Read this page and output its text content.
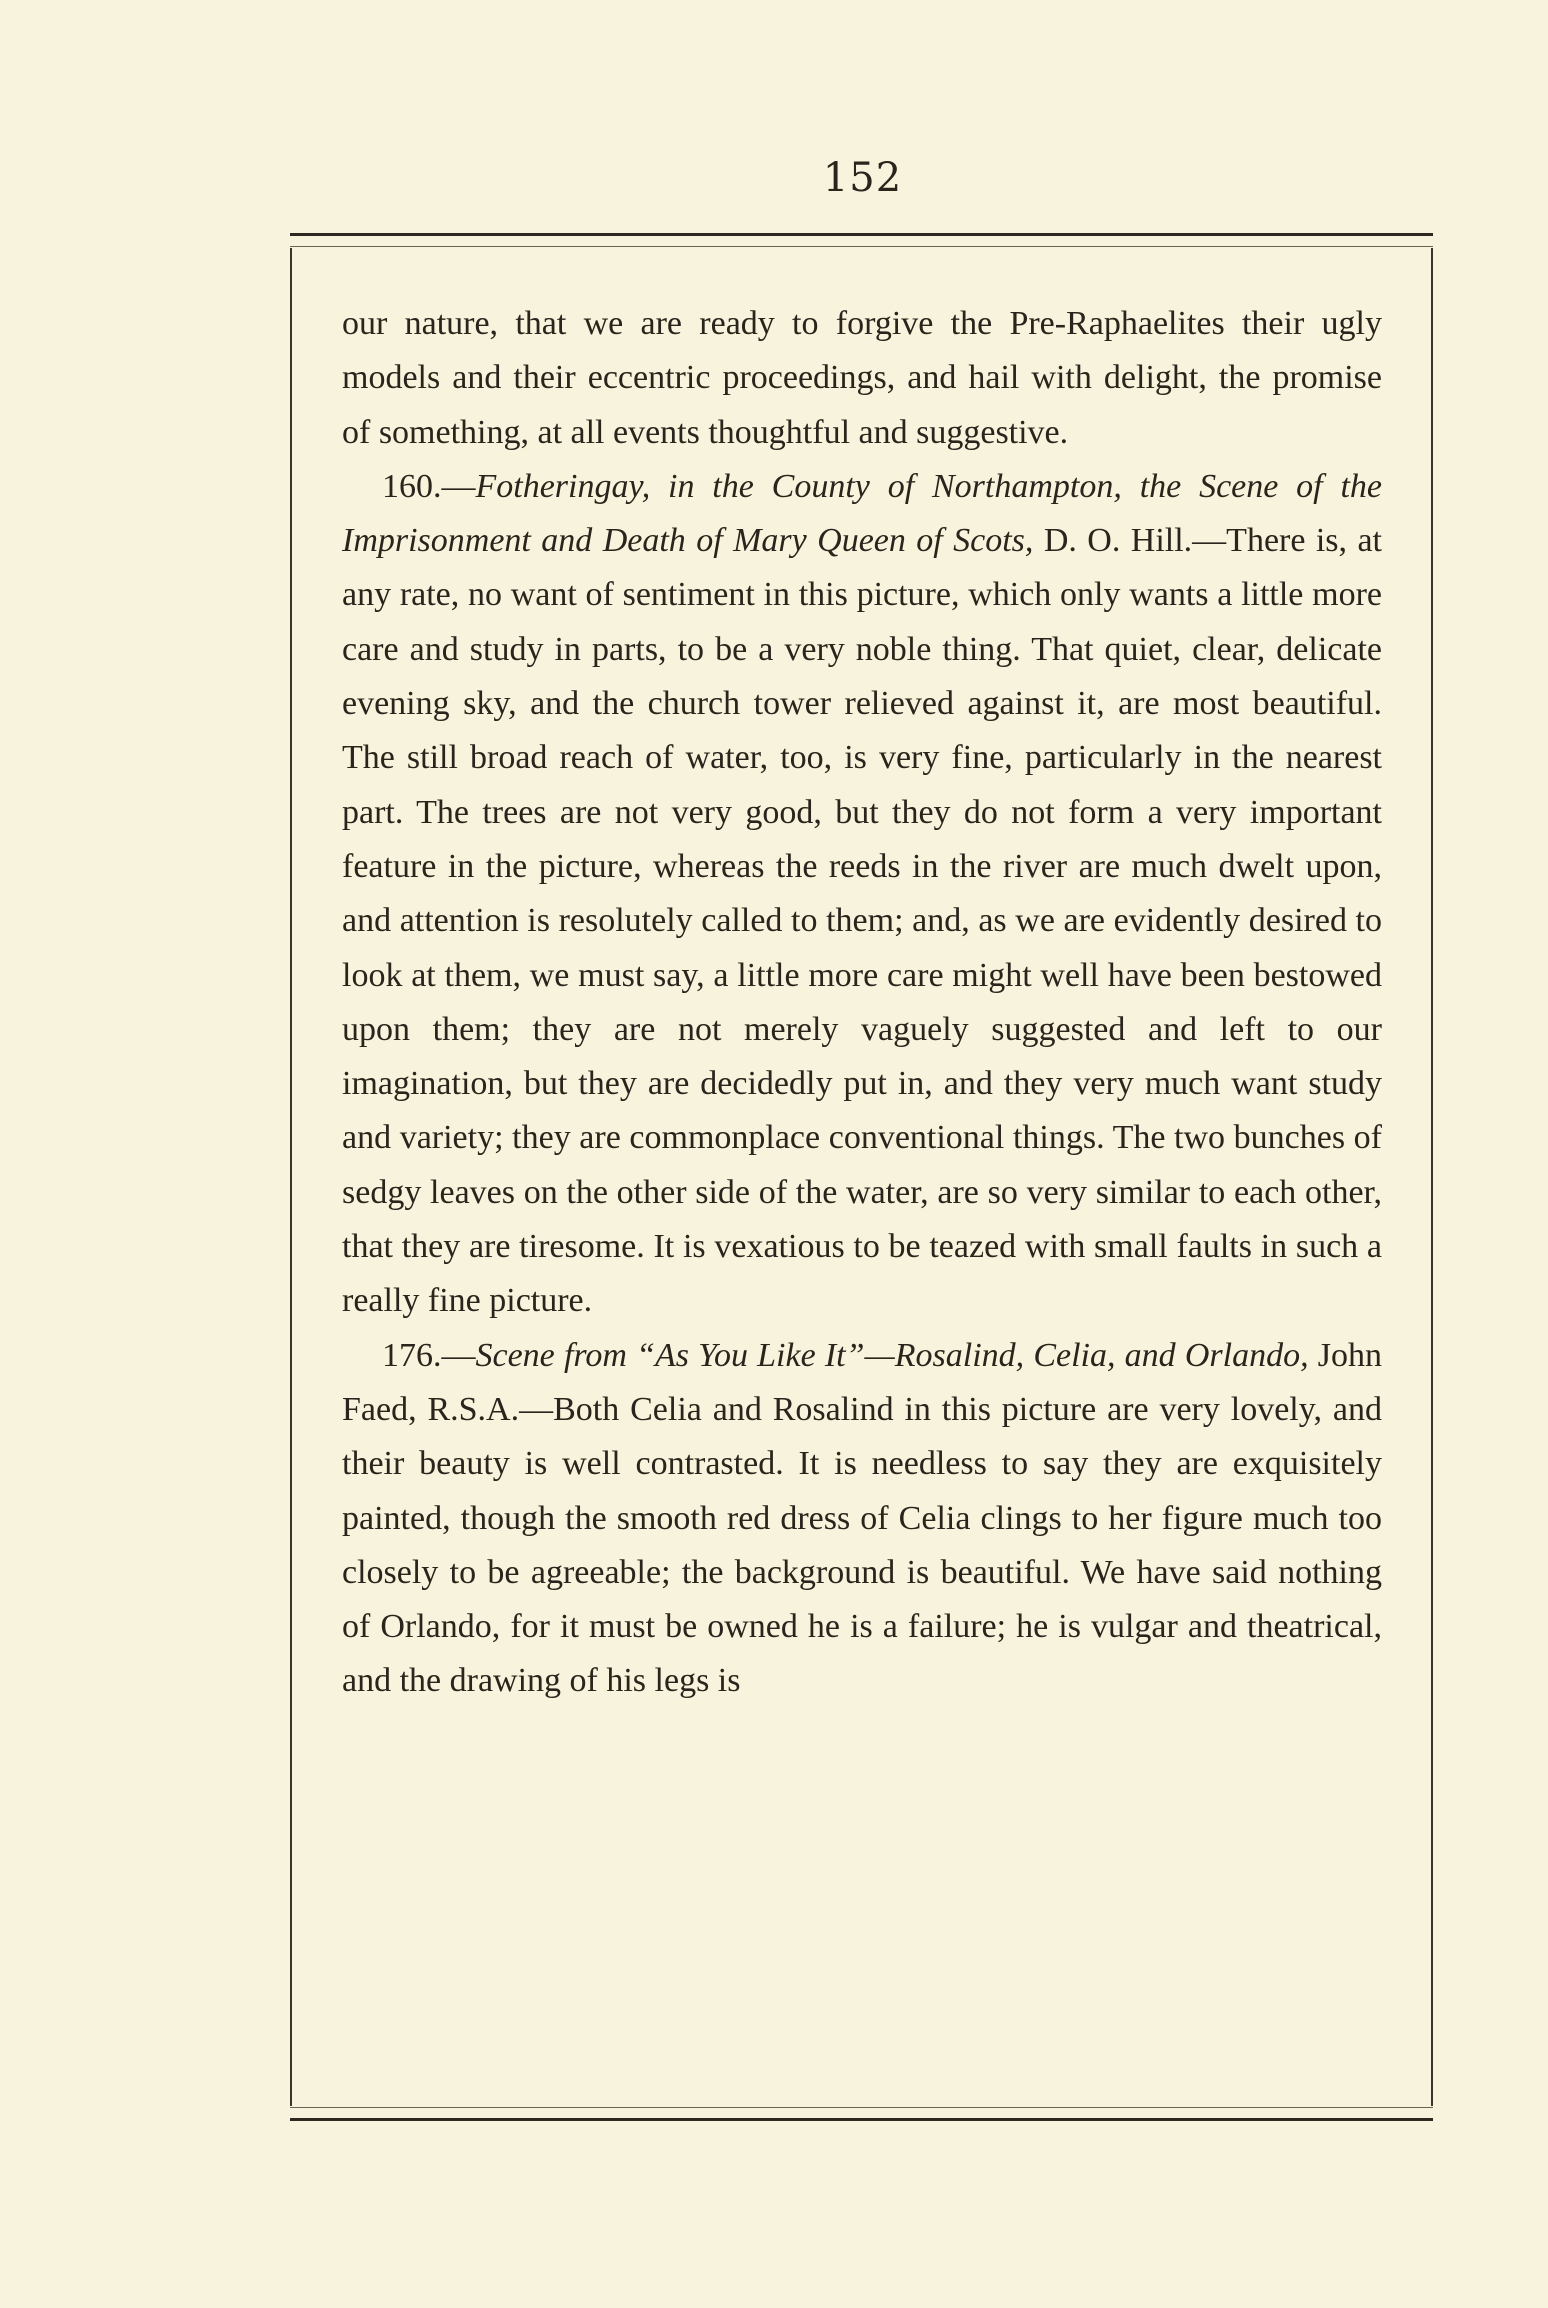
152

our nature, that we are ready to forgive the Pre-Raphaelites their ugly models and their eccentric proceedings, and hail with delight, the promise of something, at all events thoughtful and suggestive.

160.—Fotheringay, in the County of Northampton, the Scene of the Imprisonment and Death of Mary Queen of Scots, D. O. Hill.—There is, at any rate, no want of sentiment in this picture, which only wants a little more care and study in parts, to be a very noble thing. That quiet, clear, delicate evening sky, and the church tower relieved against it, are most beautiful. The still broad reach of water, too, is very fine, particularly in the nearest part. The trees are not very good, but they do not form a very important feature in the picture, whereas the reeds in the river are much dwelt upon, and attention is resolutely called to them; and, as we are evidently desired to look at them, we must say, a little more care might well have been bestowed upon them; they are not merely vaguely suggested and left to our imagination, but they are decidedly put in, and they very much want study and variety; they are commonplace conventional things. The two bunches of sedgy leaves on the other side of the water, are so very similar to each other, that they are tiresome. It is vexatious to be teazed with small faults in such a really fine picture.

176.—Scene from “As You Like It”—Rosalind, Celia, and Orlando, John Faed, R.S.A.—Both Celia and Rosalind in this picture are very lovely, and their beauty is well contrasted. It is needless to say they are exquisitely painted, though the smooth red dress of Celia clings to her figure much too closely to be agreeable; the background is beautiful. We have said nothing of Orlando, for it must be owned he is a failure; he is vulgar and theatrical, and the drawing of his legs is
